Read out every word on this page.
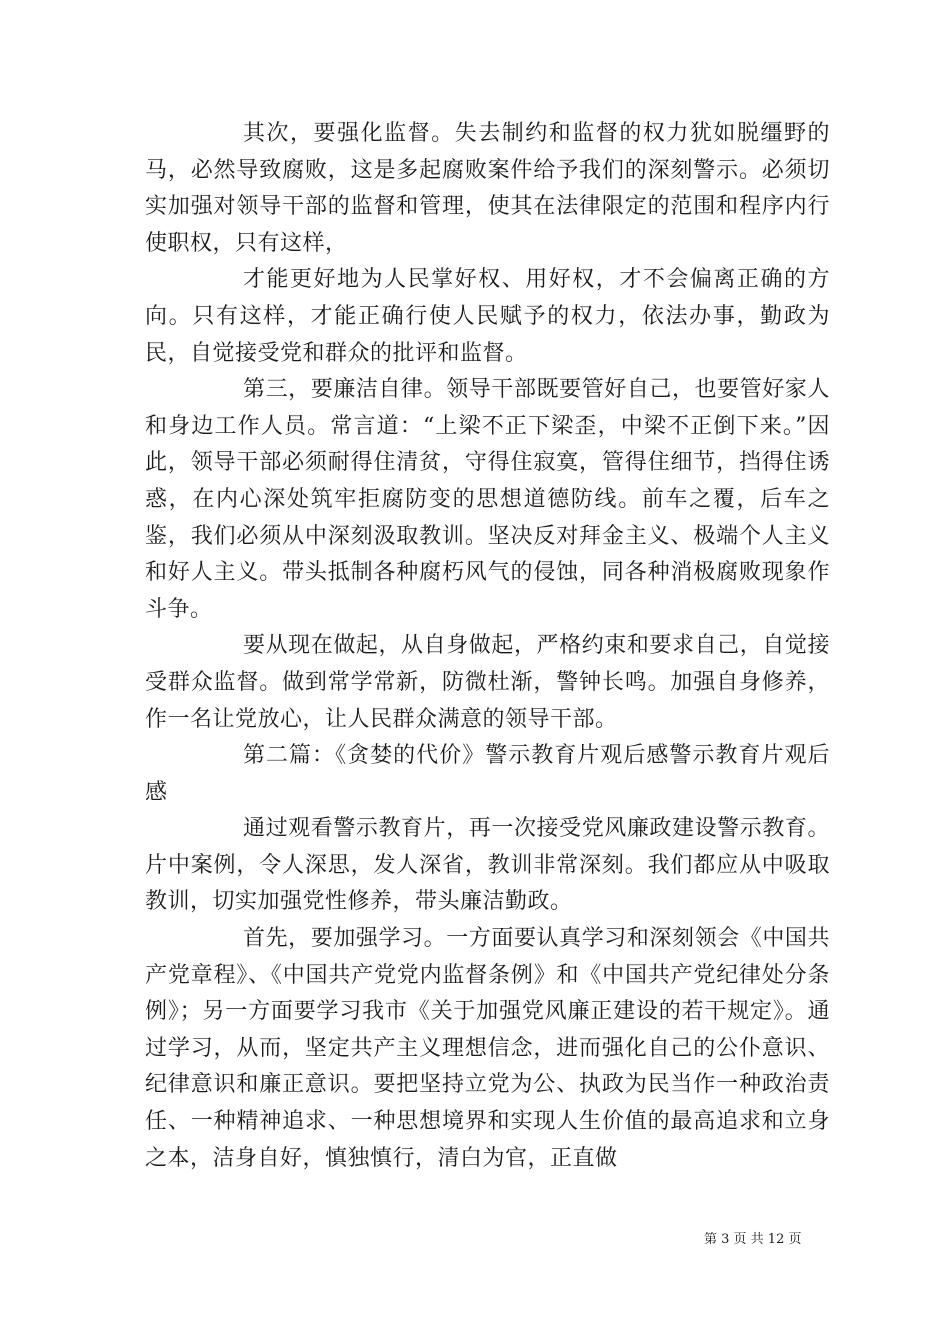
其次，要强化监督。失去制约和监督的权力犹如脱缰野的马，必然导致腐败，这是多起腐败案件给予我们的深刻警示。必须切实加强对领导干部的监督和管理，使其在法律限定的范围和程序内行使职权，只有这样，

才能更好地为人民掌好权、用好权，才不会偏离正确的方向。只有这样，才能正确行使人民赋予的权力，依法办事，勤政为民，自觉接受党和群众的批评和监督。

第三，要廉洁自律。领导干部既要管好自己，也要管好家人和身边工作人员。常言道：“上梁不正下梁歪，中梁不正倒下来。”因此，领导干部必须耐得住清贫，守得住寂寞，管得住细节，挡得住诱惑，在内心深处筑牢拒腐防变的思想道德防线。前车之覆，后车之鉴，我们必须从中深刻汲取教训。坚决反对拜金主义、极端个人主义和好人主义。带头抵制各种腐朽风气的侵蚀，同各种消极腐败现象作斗争。

要从现在做起，从自身做起，严格约束和要求自己，自觉接受群众监督。做到常学常新，防微杜渐，警钟长鸣。加强自身修养，作一名让党放心，让人民群众满意的领导干部。

第二篇：《贪婪的代价》警示教育片观后感警示教育片观后感

通过观看警示教育片，再一次接受党风廉政建设警示教育。片中案例，令人深思，发人深省，教训非常深刻。我们都应从中吸取教训，切实加强党性修养，带头廉洁勤政。

首先，要加强学习。一方面要认真学习和深刻领会《中国共产党章程》、《中国共产党党内监督条例》和《中国共产党纪律处分条例》；另一方面要学习我市《关于加强党风廉正建设的若干规定》。通过学习，从而，坚定共产主义理想信念，进而强化自己的公仆意识、纪律意识和廉正意识。要把坚持立党为公、执政为民当作一种政治责任、一种精神追求、一种思想境界和实现人生价值的最高追求和立身之本，洁身自好，慎独慎行，清白为官，正直做

第 3 页 共 12 页
